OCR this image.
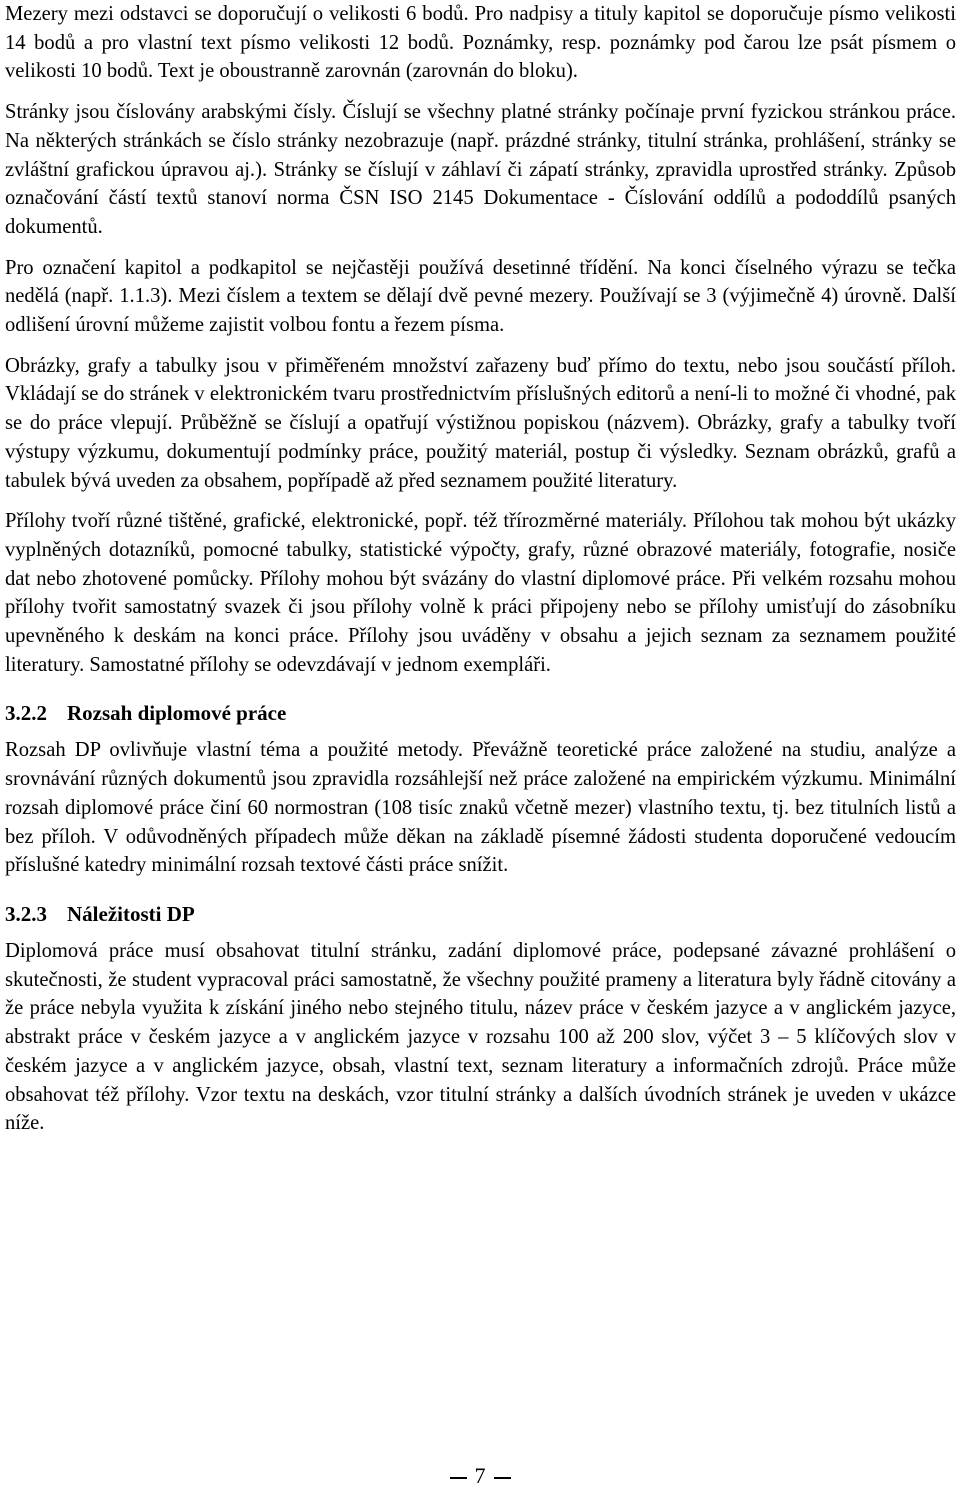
Mezery mezi odstavci se doporučují o velikosti 6 bodů. Pro nadpisy a tituly kapitol se doporučuje písmo velikosti 14 bodů a pro vlastní text písmo velikosti 12 bodů. Poznámky, resp. poznámky pod čarou lze psát písmem o velikosti 10 bodů. Text je oboustranně zarovnán (zarovnán do bloku).

Stránky jsou číslovány arabskými čísly. Číslují se všechny platné stránky počínaje první fyzickou stránkou práce. Na některých stránkách se číslo stránky nezobrazuje (např. prázdné stránky, titulní stránka, prohlášení, stránky se zvláštní grafickou úpravou aj.). Stránky se číslují v záhlaví či zápatí stránky, zpravidla uprostřed stránky. Způsob označování částí textů stanoví norma ČSN ISO 2145 Dokumentace - Číslování oddílů a pododdílů psaných dokumentů.

Pro označení kapitol a podkapitol se nejčastěji používá desetinné třídění. Na konci číselného výrazu se tečka nedělá (např. 1.1.3). Mezi číslem a textem se dělají dvě pevné mezery. Používají se 3 (výjimečně 4) úrovně. Další odlišení úrovní můžeme zajistit volbou fontu a řezem písma.

Obrázky, grafy a tabulky jsou v přiměřeném množství zařazeny buď přímo do textu, nebo jsou součástí příloh. Vkládají se do stránek v elektronickém tvaru prostřednictvím příslušných editorů a není-li to možné či vhodné, pak se do práce vlepují. Průběžně se číslují a opatřují výstižnou popiskou (názvem). Obrázky, grafy a tabulky tvoří výstupy výzkumu, dokumentují podmínky práce, použitý materiál, postup či výsledky. Seznam obrázků, grafů a tabulek bývá uveden za obsahem, popřípadě až před seznamem použité literatury.

Přílohy tvoří různé tištěné, grafické, elektronické, popř. též třírozměrné materiály. Přílohou tak mohou být ukázky vyplněných dotazníků, pomocné tabulky, statistické výpočty, grafy, různé obrazové materiály, fotografie, nosiče dat nebo zhotovené pomůcky. Přílohy mohou být svázány do vlastní diplomové práce. Při velkém rozsahu mohou přílohy tvořit samostatný svazek či jsou přílohy volně k práci připojeny nebo se přílohy umisťují do zásobníku upevněného k deskám na konci práce. Přílohy jsou uváděny v obsahu a jejich seznam za seznamem použité literatury. Samostatné přílohy se odevzdávají v jednom exempláři.

3.2.2 Rozsah diplomové práce

Rozsah DP ovlivňuje vlastní téma a použité metody. Převážně teoretické práce založené na studiu, analýze a srovnávání různých dokumentů jsou zpravidla rozsáhlejší než práce založené na empirickém výzkumu. Minimální rozsah diplomové práce činí 60 normostran (108 tisíc znaků včetně mezer) vlastního textu, tj. bez titulních listů a bez příloh. V odůvodněných případech může děkan na základě písemné žádosti studenta doporučené vedoucím příslušné katedry minimální rozsah textové části práce snížit.

3.2.3 Náležitosti DP

Diplomová práce musí obsahovat titulní stránku, zadání diplomové práce, podepsané závazné prohlášení o skutečnosti, že student vypracoval práci samostatně, že všechny použité prameny a literatura byly řádně citovány a že práce nebyla využita k získání jiného nebo stejného titulu, název práce v českém jazyce a v anglickém jazyce, abstrakt práce v českém jazyce a v anglickém jazyce v rozsahu 100 až 200 slov, výčet 3 – 5 klíčových slov v českém jazyce a v anglickém jazyce, obsah, vlastní text, seznam literatury a informačních zdrojů. Práce může obsahovat též přílohy. Vzor textu na deskách, vzor titulní stránky a dalších úvodních stránek je uveden v ukázce níže.

7
